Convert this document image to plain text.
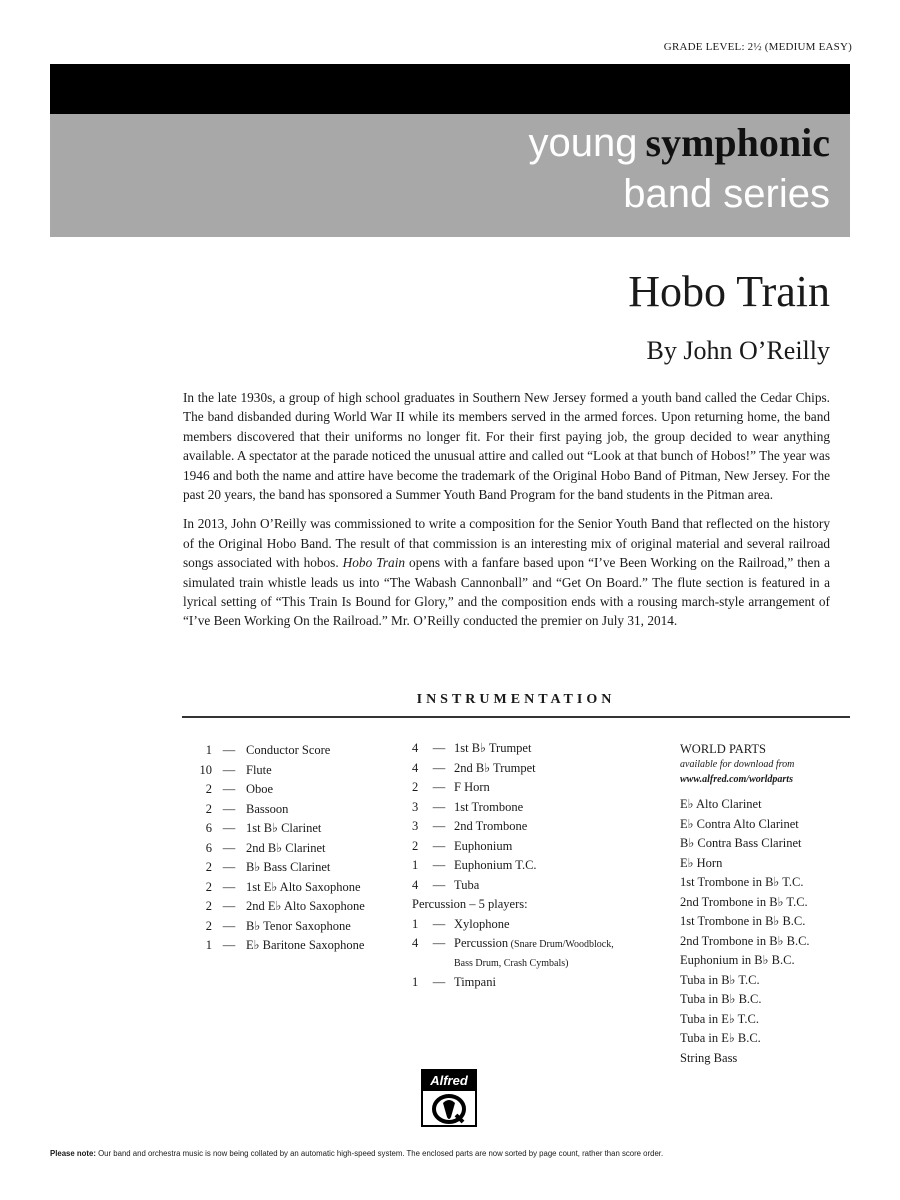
GRADE LEVEL: 2½ (MEDIUM EASY)
young symphonic
band series
Hobo Train
By John O’Reilly

In the late 1930s, a group of high school graduates in Southern New Jersey formed a youth band called the Cedar Chips. The band disbanded during World War II while its members served in the armed forces. Upon returning home, the band members discovered that their uniforms no longer fit. For their first paying job, the group decided to wear anything available. A spectator at the parade noticed the unusual attire and called out “Look at that bunch of Hobos!” The year was 1946 and both the name and attire have become the trademark of the Original Hobo Band of Pitman, New Jersey. For the past 20 years, the band has sponsored a Summer Youth Band Program for the band students in the Pitman area.

In 2013, John O’Reilly was commissioned to write a composition for the Senior Youth Band that reflected on the history of the Original Hobo Band. The result of that commission is an interesting mix of original material and several railroad songs associated with hobos. Hobo Train opens with a fanfare based upon “I’ve Been Working on the Railroad,” then a simulated train whistle leads us into “The Wabash Cannonball” and “Get On Board.” The flute section is featured in a lyrical setting of “This Train Is Bound for Glory,” and the composition ends with a rousing march-style arrangement of “I’ve Been Working On the Railroad.” Mr. O’Reilly conducted the premier on July 31, 2014.

INSTRUMENTATION
1 — Conductor Score
10 — Flute
2 — Oboe
2 — Bassoon
6 — 1st B♭ Clarinet
6 — 2nd B♭ Clarinet
2 — B♭ Bass Clarinet
2 — 1st E♭ Alto Saxophone
2 — 2nd E♭ Alto Saxophone
2 — B♭ Tenor Saxophone
1 — E♭ Baritone Saxophone
4	— 1st B♭ Trumpet
4	— 2nd B♭ Trumpet
2	— F Horn
3	— 1st Trombone
3	— 2nd Trombone
2	— Euphonium
1	— Euphonium T.C.
4	— Tuba
Percussion – 5 players:
1	— Xylophone
4	— Percussion (Snare Drum/Woodblock,
Bass Drum, Crash Cymbals)
1	— Timpani
WORLD PARTS
available for download from
www.alfred.com/worldparts
E♭ Alto Clarinet
E♭ Contra Alto Clarinet
B♭ Contra Bass Clarinet
E♭ Horn
1st Trombone in B♭ T.C.
2nd Trombone in B♭ T.C.
1st Trombone in B♭ B.C.
2nd Trombone in B♭ B.C.
Euphonium in B♭ B.C.
Tuba in B♭ T.C.
Tuba in B♭ B.C.
Tuba in E♭ T.C.
Tuba in E♭ B.C.
String Bass
Alfred
Please note: Our band and orchestra music is now being collated by an automatic high-speed system. The enclosed parts are now sorted by page count, rather than score order.
